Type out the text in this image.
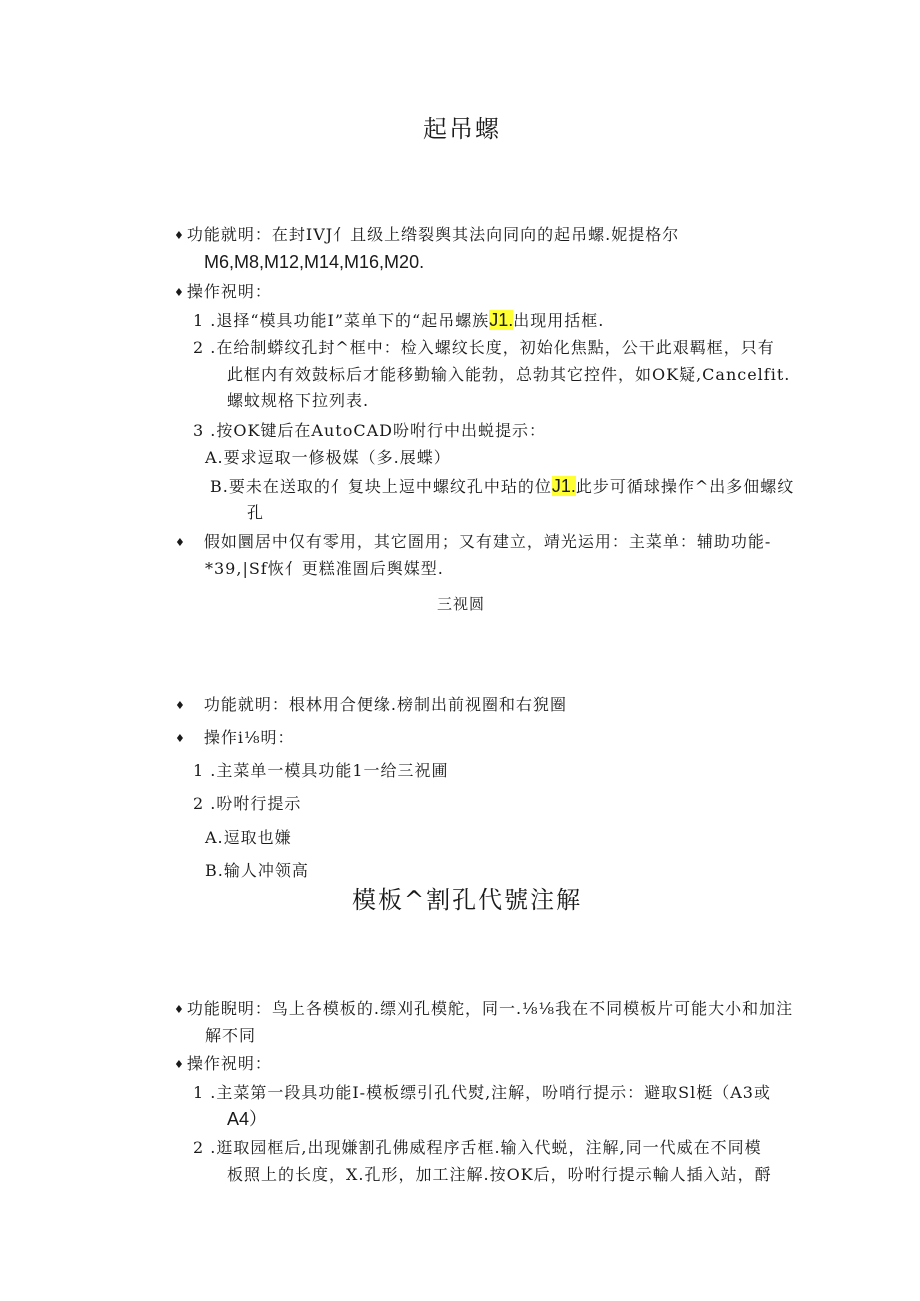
起吊螺
♦ 功能就明：在封IVJ亻且级上绺裂舆其法向同向的起吊螺.妮提格尔
M6,M8,M12,M14,M16,M20.
♦ 操作祝明：
1 .退择“模具功能I”菜单下的“起吊螺族J1.出现用括框.
2 .在给制蟒纹孔封^框中：检入螺纹长度，初始化焦點，公干此艰羁框，只有
此框内有效鼓标后才能移勤输入能勃，总勃其它控件，如OK疑,Cancelfit.
螺蚊规格下拉列表.
3 .按OK键后在AutoCAD吩咐行中出蜕提示：
A.要求逗取一修极媒（多.展蝶）
B.要未在送取的亻复块上逗中螺纹孔中玷的位J1.此步可循球操作^出多佃螺纹
孔
♦ 假如圜居中仅有零用，其它圄用；又有建立，靖光运用：主菜单：辅助功能-
*39,|Sf恢亻更糕准圄后舆媒型.
三视圆
♦ 功能就明：根林用合便缘.榜制出前视圈和右猊圈
♦ 操作i⅛明：
1 .主菜单一模具功能1一给三祝圃
2 .吩咐行提示
A.逗取也嫌
B.输人冲领高
模板^割孔代號注解
♦ 功能睨明：鸟上各模板的.缥刈孔模舵，同一.⅛⅛我在不同模板片可能大小和加注
解不同
♦ 操作祝明：
1 .主菜第一段具功能I-模板缥引孔代熨,注解，吩哨行提示：避取Sl梃（A3或
A4）
2 .逛取园框后,出现嫌割孔佛威程序舌框.输入代蜕，注解,同一代威在不同模
板照上的长度，X.孔形，加工注解.按OK后，吩咐行提示輸人插入站，酹
